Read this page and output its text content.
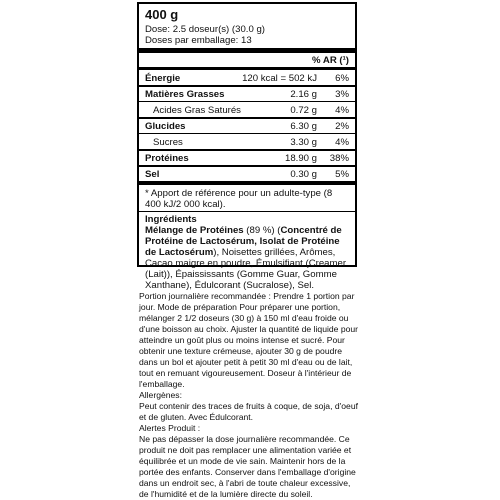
400 g
Dose: 2.5 doseur(s) (30.0 g)
Doses par emballage: 13
% AR (¹)
Énergie	120 kcal = 502 kJ 6%
Matières Grasses	2.16 g 3%
Acides Gras Saturés	0.72 g 4%
Glucides	6.30 g 2%
Sucres	3.30 g 4%
Protéines	18.90 g 38%
Sel	0.30 g 5%
* Apport de référence pour un adulte-type (8 400 kJ/2 000 kcal).
Ingrédients
Mélange de Protéines (89 %) (Concentré de Protéine de Lactosérum, Isolat de Protéine de Lactosérum), Noisettes grillées, Arômes, Cacao maigre en poudre, Émulsifiant (Creamer (Lait)), Épaississants (Gomme Guar, Gomme Xanthane), Édulcorant (Sucralose), Sel.

Portion journalière recommandée : Prendre 1 portion par jour. Mode de préparation Pour préparer une portion, mélanger 2 1/2 doseurs (30 g) à 150 ml d'eau froide ou d'une boisson au choix. Ajuster la quantité de liquide pour atteindre un goût plus ou moins intense et sucré. Pour obtenir une texture crémeuse, ajouter 30 g de poudre dans un bol et ajouter petit à petit 30 ml d'eau ou de lait, tout en remuant vigoureusement. Doseur à l'intérieur de l'emballage.

Allergènes:

Peut contenir des traces de fruits à coque, de soja, d'oeuf et de gluten. Avec Édulcorant.

Alertes Produit :

Ne pas dépasser la dose journalière recommandée. Ce produit ne doit pas remplacer une alimentation variée et équilibrée et un mode de vie sain. Maintenir hors de la portée des enfants. Conserver dans l'emballage d'origine dans un endroit sec, à l'abri de toute chaleur excessive, de l'humidité et de la lumière directe du soleil.
